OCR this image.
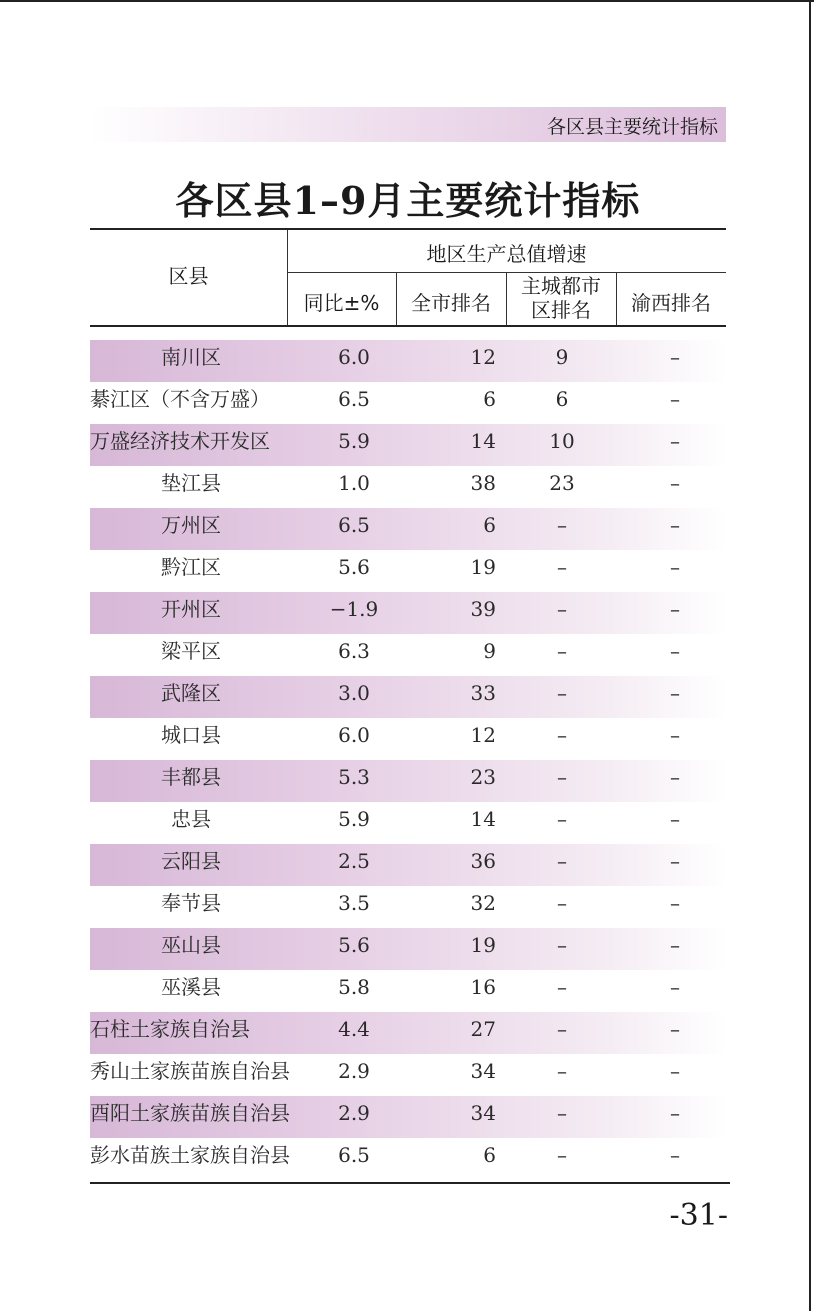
各区县主要统计指标
各区县1–9月主要统计指标
区县
地区生产总值增速
同比±%	全市排名
主城都市
区排名	渝西排名
南川区	6.0	12	9	–
綦江区（不含万盛）	6.5	6	6	–
万盛经济技术开发区	5.9	14	10	–
垫江县	1.0	38	23	–
万州区	6.5	6	–	–
黔江区	5.6	19	–	–
开州区	−1.9	39	–	–
梁平区	6.3	9	–	–
武隆区	3.0	33	–	–
城口县	6.0	12	–	–
丰都县	5.3	23	–	–
忠县	5.9	14	–	–
云阳县	2.5	36	–	–
奉节县	3.5	32	–	–
巫山县	5.6	19	–	–
巫溪县	5.8	16	–	–
石柱土家族自治县	4.4	27	–	–
秀山土家族苗族自治县	2.9	34	–	–
酉阳土家族苗族自治县	2.9	34	–	–
彭水苗族土家族自治县	6.5	6	–	–
-31-
